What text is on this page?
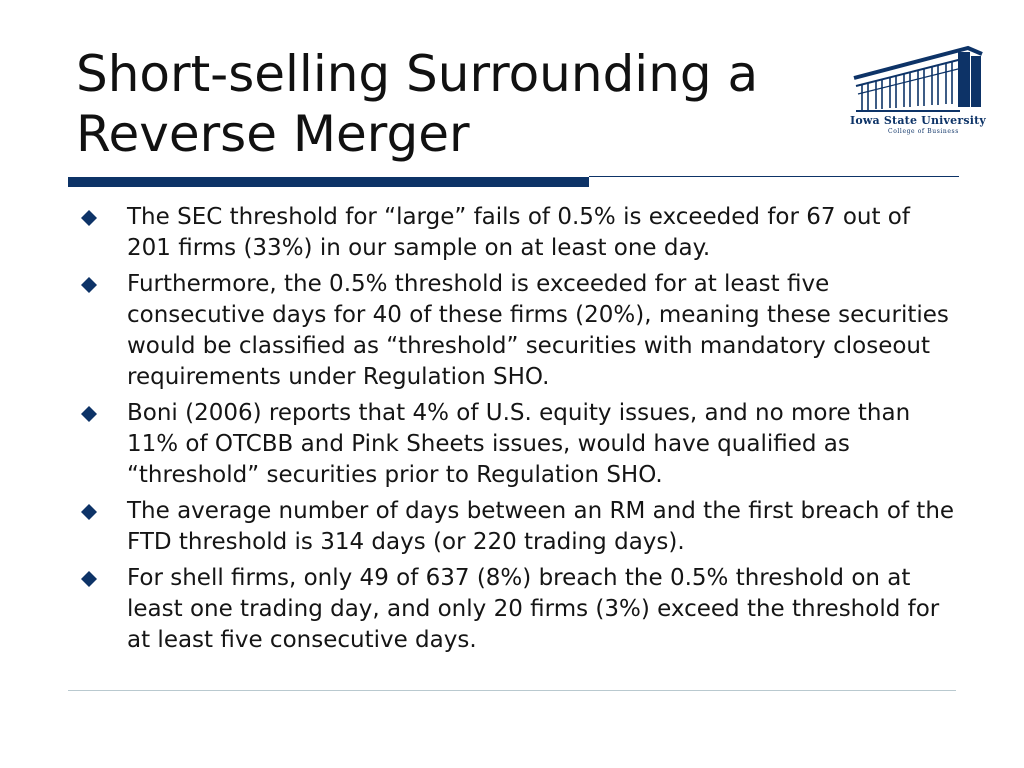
Short-selling Surrounding a
Reverse Merger	Iowa State University
College of Business
The SEC threshold for “large” fails of 0.5% is exceeded for 67 out of 201 firms (33%) in our sample on at least one day.
Furthermore, the 0.5% threshold is exceeded for at least five consecutive days for 40 of these firms (20%), meaning these securities would be classified as “threshold” securities with mandatory closeout requirements under Regulation SHO.
Boni (2006) reports that 4% of U.S. equity issues, and no more than 11% of OTCBB and Pink Sheets issues, would have qualified as “threshold” securities prior to Regulation SHO.
The average number of days between an RM and the first breach of the FTD threshold is 314 days (or 220 trading days).
For shell firms, only 49 of 637 (8%) breach the 0.5% threshold on at least one trading day, and only 20 firms (3%) exceed the threshold for at least five consecutive days.
